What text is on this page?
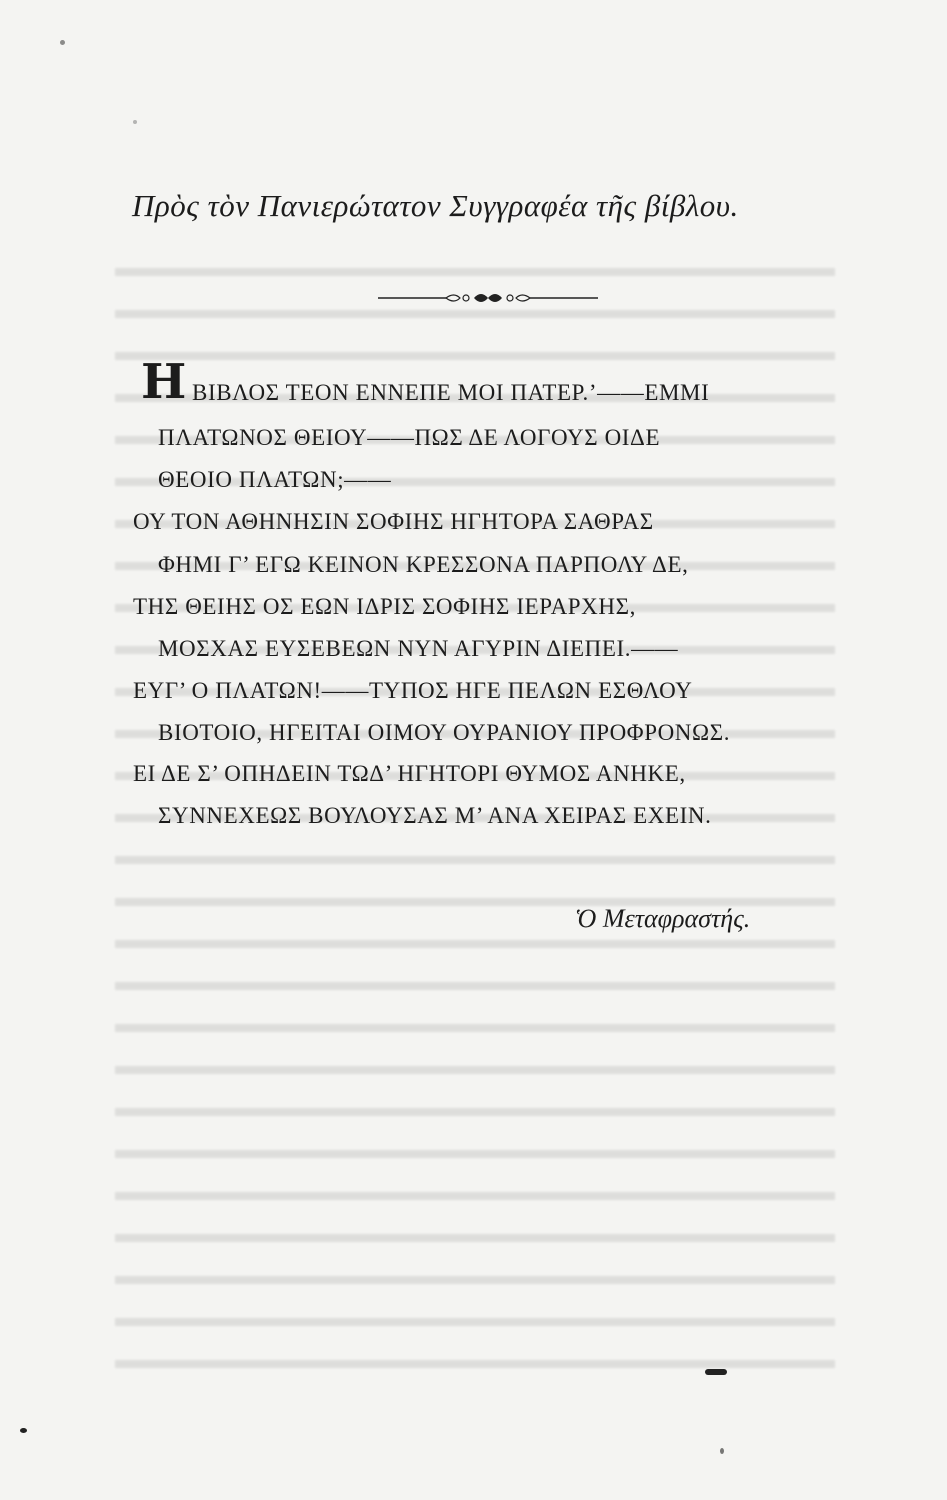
Πρὸς τὸν Πανιερώτατον Συγγραφέα τῆς βίβλου.
Η ΒΙΒΛΟΣ ΤΕΟΝ ΕΝΝΕΠΕ ΜΟΙ ΠΑΤΕΡ.’——ΕΜΜΙ
ΠΛΑΤΩΝΟΣ ΘΕΙΟΥ——ΠΩΣ ΔΕ ΛΟΓΟΥΣ ΟΙΔΕ
ΘΕΟΙΟ ΠΛΑΤΩΝ;——
ΟΥ ΤΟΝ ΑΘΗΝΗΣΙΝ ΣΟΦΙΗΣ ΗΓΗΤΟΡΑ ΣΑΘΡΑΣ
ΦΗΜΙ Γ’ ΕΓΩ ΚΕΙΝΟΝ ΚΡΕΣΣΟΝΑ ΠΑΡΠΟΛΥ ΔΕ,
ΤΗΣ ΘΕΙΗΣ ΟΣ ΕΩΝ ΙΔΡΙΣ ΣΟΦΙΗΣ ΙΕΡΑΡΧΗΣ,
ΜΟΣΧΑΣ ΕΥΣΕΒΕΩΝ ΝΥΝ ΑΓΥΡΙΝ ΔΙΕΠΕΙ.——
ΕΥΓ’ Ο ΠΛΑΤΩΝ!——ΤΥΠΟΣ ΗΓΕ ΠΕΛΩΝ ΕΣΘΛΟΥ
ΒΙΟΤΟΙΟ, ΗΓΕΙΤΑΙ ΟΙΜΟΥ ΟΥΡΑΝΙΟΥ ΠΡΟΦΡΟΝΩΣ.
ΕΙ ΔΕ Σ’ ΟΠΗΔΕΙΝ ΤΩΔ’ ΗΓΗΤΟΡΙ ΘΥΜΟΣ ΑΝΗΚΕ,
ΣΥΝΝΕΧΕΩΣ ΒΟΥΛΟΥΣΑΣ Μ’ ΑΝΑ ΧΕΙΡΑΣ ΕΧΕΙΝ.
Ὁ Μεταφραστής.
